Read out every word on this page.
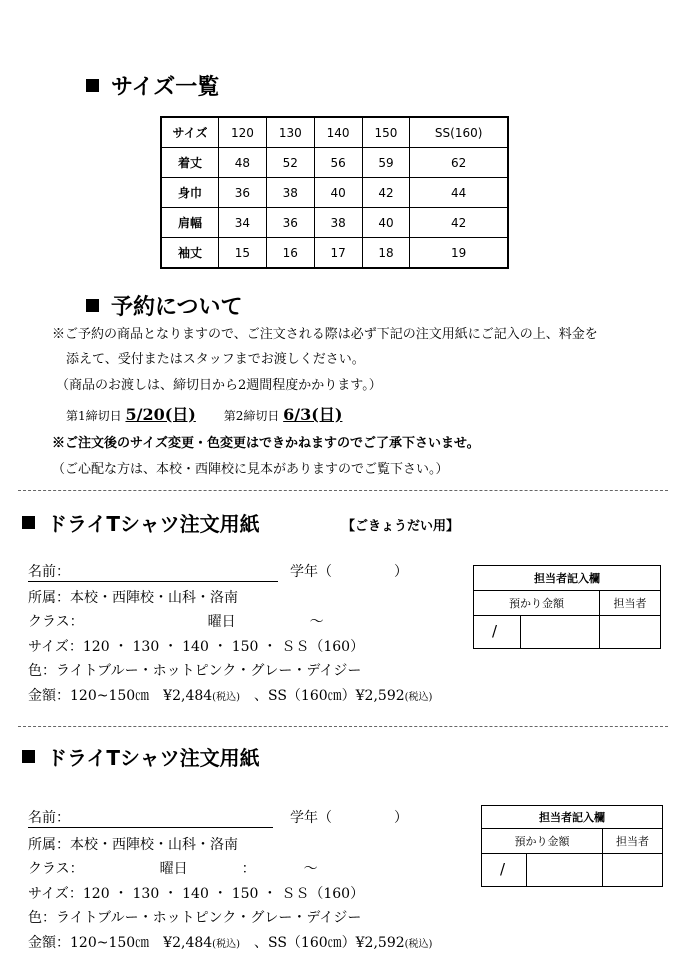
サイズ一覧
サイズ	120	130	140	150	SS(160)
着丈	48	52	56	59	62
身巾	36	38	40	42	44
肩幅	34	36	38	40	42
袖丈	15	16	17	18	19
予約について
※ご予約の商品となりますので、ご注文される際は必ず下記の注文用紙にご記入の上、料金を
添えて、受付またはスタッフまでお渡しください。
（商品のお渡しは、締切日から2週間程度かかります。）
第1締切日 5/20(日) 第2締切日 6/3(日)
※ご注文後のサイズ変更・色変更はできかねますのでご了承下さいませ。
（ご心配な方は、本校・西陣校に見本がありますのでご覧下さい。）
ドライTシャツ注文用紙	【ごきょうだい用】
名前：	学年（	）
所属：本校・西陣校・山科・洛南
クラス：	曜日	～
サイズ：120 ・ 130 ・ 140 ・ 150 ・ ＳＳ（160）
色：ライトブルー・ホットピンク・グレー・デイジー
金額：120~150㎝　¥2,484(税込)　、SS（160㎝）¥2,592(税込)
担当者記入欄	
預かり金額	担当者

/	

ドライTシャツ注文用紙
名前：	学年（	）
所属：本校・西陣校・山科・洛南
クラス：	曜日	：	～
サイズ：120 ・ 130 ・ 140 ・ 150 ・ ＳＳ（160）
色：ライトブルー・ホットピンク・グレー・デイジー
金額：120~150㎝　¥2,484(税込)　、SS（160㎝）¥2,592(税込)
担当者記入欄	
預かり金額	担当者

/	
